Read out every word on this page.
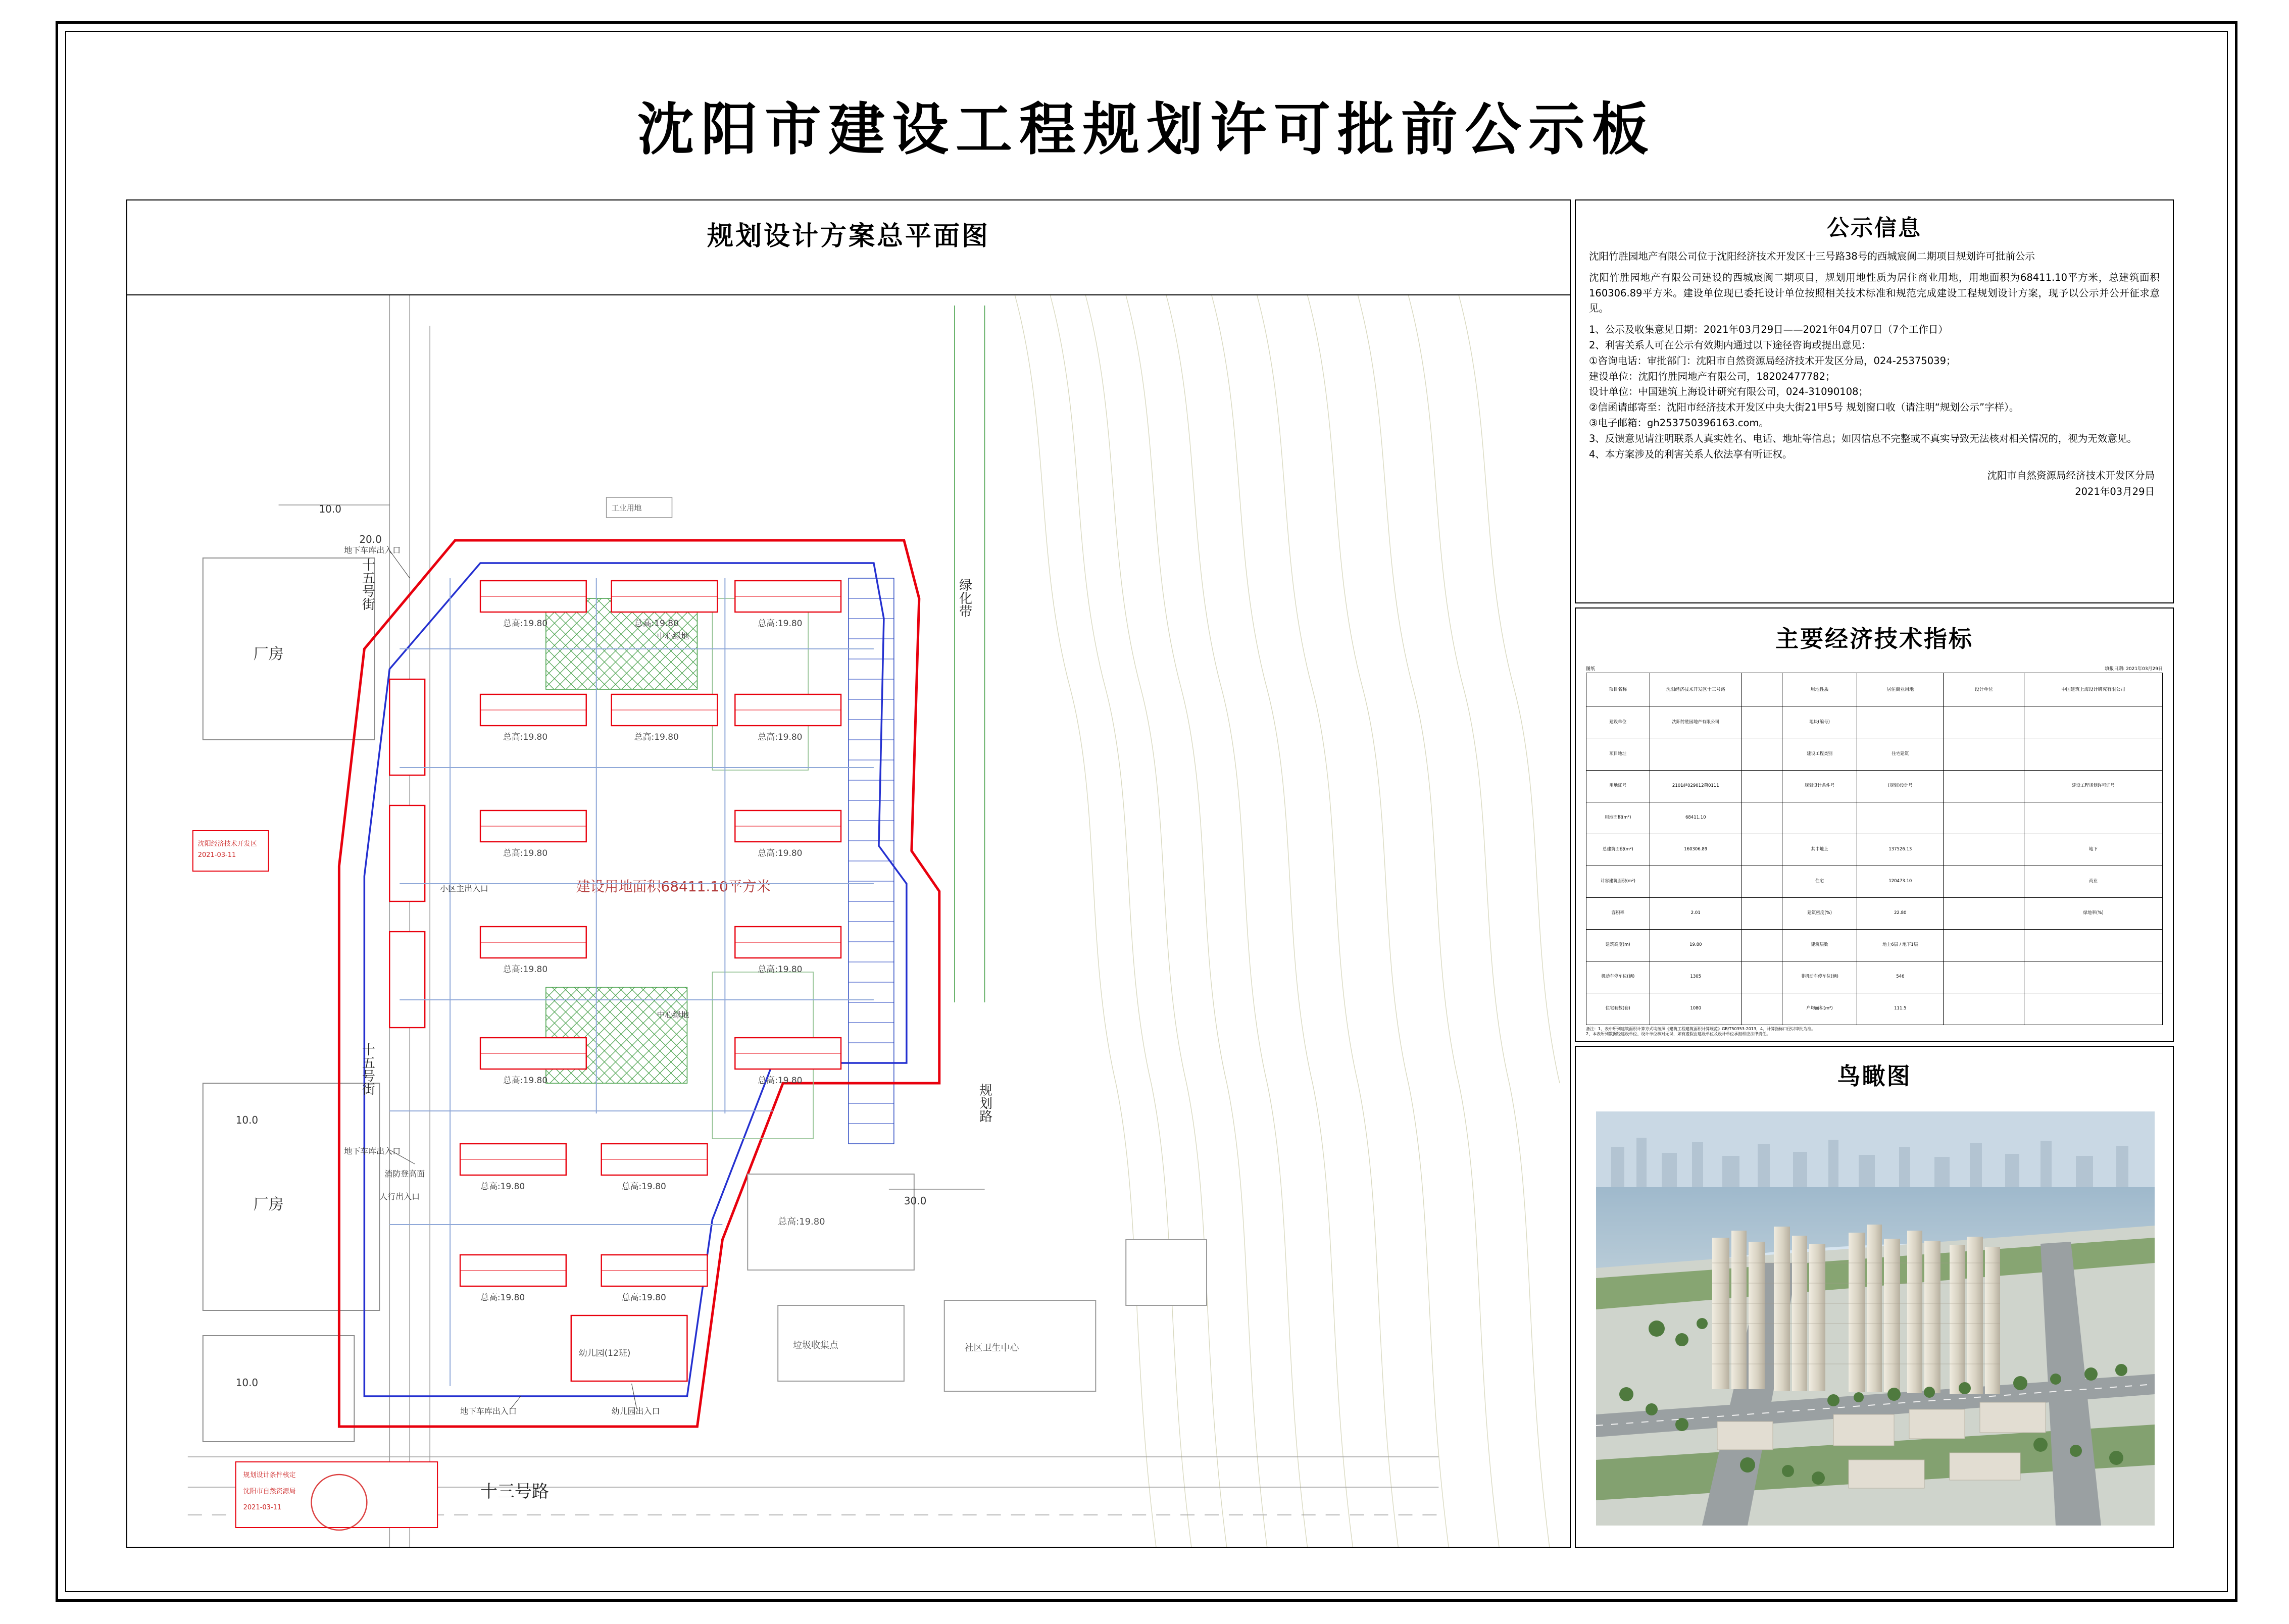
沈阳市建设工程规划许可批前公示板
规划设计方案总平面图
厂房
厂房
总高:19.80	总高:19.80	总高:19.80
总高:19.80	总高:19.80	总高:19.80
总高:19.80	总高:19.80
总高:19.80	总高:19.80
总高:19.80	总高:19.80
总高:19.80	总高:19.80
总高:19.80	总高:19.80
建设用地面积68411.10平方米
总高:19.80
社区卫生中心
垃圾收集点
幼儿园(12班)
地下车库出入口
地下车库出入口
消防登高面
人行出入口
地下车库出入口	幼儿园出入口
中心绿地
中心绿地
小区主出入口
10.0
10.0
10.0
30.0
20.0
十五号街
十五号街
绿化带
规划路
十三号路
沈阳经济技术开发区
2021-03-11
规划设计条件核定
沈阳市自然资源局
2021-03-11
工业用地
公示信息

沈阳竹胜园地产有限公司位于沈阳经济技术开发区十三号路38号的西城宸阆二期项目规划许可批前公示

沈阳竹胜园地产有限公司建设的西城宸阆二期项目，规划用地性质为居住商业用地，用地面积为68411.10平方米，总建筑面积160306.89平方米。建设单位现已委托设计单位按照相关技术标准和规范完成建设工程规划设计方案，现予以公示并公开征求意见。

1、公示及收集意见日期：2021年03月29日——2021年04月07日（7个工作日）

2、利害关系人可在公示有效期内通过以下途径咨询或提出意见：

①咨询电话：审批部门：沈阳市自然资源局经济技术开发区分局，024-25375039；

建设单位：沈阳竹胜园地产有限公司，18202477782；

设计单位：中国建筑上海设计研究有限公司，024-31090108；

②信函请邮寄至：沈阳市经济技术开发区中央大街21甲5号 规划窗口收（请注明“规划公示”字样）。

③电子邮箱：gh253750396163.com。

3、反馈意见请注明联系人真实姓名、电话、地址等信息；如因信息不完整或不真实导致无法核对相关情况的，视为无效意见。

4、本方案涉及的利害关系人依法享有听证权。

沈阳市自然资源局经济技术开发区分局
2021年03月29日
主要经济技术指标
图纸	填报日期: 2021年03月29日
项目名称	沈阳经济技术开发区十三号路		用地性质	居住商业用地	设计单位	中国建筑上海设计研究有限公司
建设单位	沈阳竹胜园地产有限公司		地块(编号)			
项目地址			建设工程类别	住宅建筑		
用地证号	2101赵029012荷0111		规划设计条件号	(规划)设计号		建设工程规划许可证号
用地面积(m²)	68411.10					
总建筑面积(m²)	160306.89		其中地上	137526.13		地下
计容建筑面积(m²)			住宅	120473.10		商业
容积率	2.01		建筑密度(%)	22.80		绿地率(%)
建筑高度(m)	19.80		建筑层数	地上6层 / 地下1层		
机动车停车位(辆)	1305		非机动车停车位(辆)	546		
住宅套数(套)	1080		户均面积(m²)	111.5		
备注：1、表中所列建筑面积计算方式均按照《建筑工程建筑面积计算规范》GB/T50353-2013，4、计算指标口径以审批为准。
2、本表所列数据经建设单位、设计单位核对无误，如有虚假由建设单位及设计单位承担相应法律责任。
鸟瞰图
